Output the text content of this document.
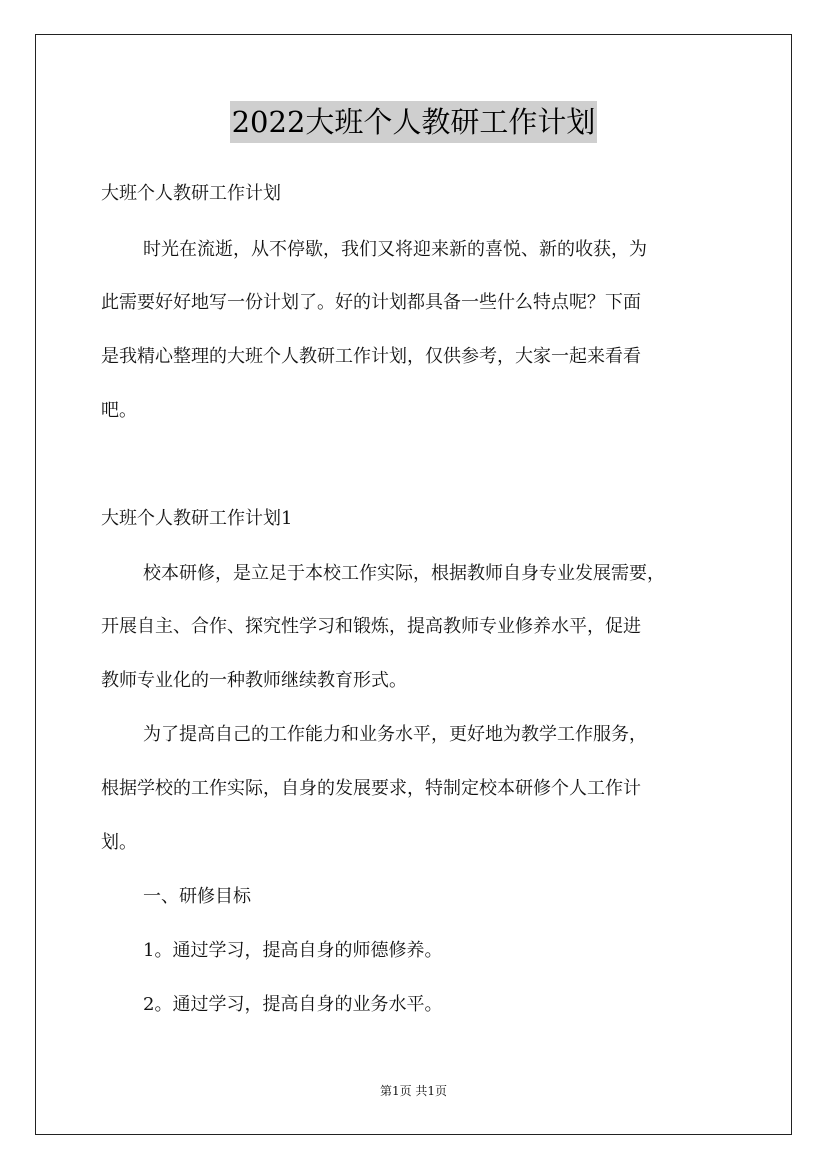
2022大班个人教研工作计划
大班个人教研工作计划
时光在流逝，从不停歇，我们又将迎来新的喜悦、新的收获，为
此需要好好地写一份计划了。好的计划都具备一些什么特点呢？下面
是我精心整理的大班个人教研工作计划，仅供参考，大家一起来看看
吧。
大班个人教研工作计划1
校本研修，是立足于本校工作实际，根据教师自身专业发展需要，
开展自主、合作、探究性学习和锻炼，提高教师专业修养水平，促进
教师专业化的一种教师继续教育形式。
为了提高自己的工作能力和业务水平，更好地为教学工作服务，
根据学校的工作实际，自身的发展要求，特制定校本研修个人工作计
划。
一、研修目标
1。通过学习，提高自身的师德修养。
2。通过学习，提高自身的业务水平。
第1页 共1页
